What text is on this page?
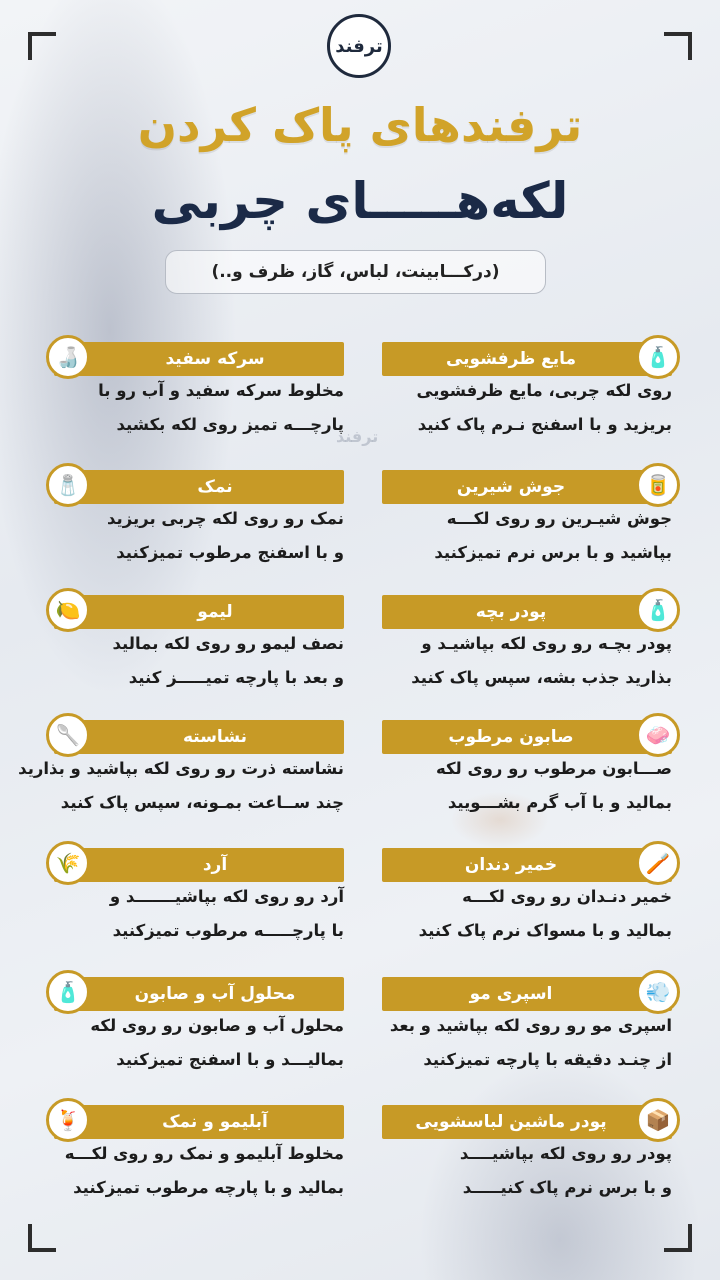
ترفند
ترفندهای پاک کردن
لکه‌هـــــای چربی
(درکـــابینت، لباس، گاز، ظرف و..)
ترفند
مایع ظرفشویی	🧴
روی لکه چربی، مایع ظرفشویی
بریزید و با اسفنج نـرم پاک کنید
سرکه سفید
🍶
مخلوط سرکه سفید و آب رو با
پارچـــه تمیز روی لکه بکشید
جوش شیرین	🥫
جوش شیـرین رو روی لکـــه
بپاشید و با برس نرم تمیزکنید
نمک
🧂
نمک رو روی لکه چربی بریزید
و با اسفنج مرطوب تمیزکنید
پودر بچه	🧴
پودر بچـه رو روی لکه بپاشیـد و
بذارید جذب بشه، سپس پاک کنید
لیمو
🍋
نصف لیمو رو روی لکه بمالید
و بعد با پارچه تمیـــــز کنید
صابون مرطوب	🧼
صـــابون مرطوب رو روی لکه
بمالید و با آب گرم بشـــویید
نشاسته
🥄
نشاسته ذرت رو روی لکه بپاشید و بذارید
چند ســاعت بمـونه، سپس پاک کنید
خمیر دندان	🪥
خمیر دنـدان رو روی لکـــه
بمالید و با مسواک نرم پاک کنید
آرد
🌾
آرد رو روی لکه بپاشیـــــــد و
با پارچـــــه مرطوب تمیزکنید
اسپری مو	💨
اسپری مو رو روی لکه بپاشید و بعد
از چنـد دقیقه با پارچه تمیزکنید
محلول آب و صابون
🧴
محلول آب و صابون رو روی لکه
بمالیـــد و با اسفنج تمیزکنید
پودر ماشین لباسشویی	📦
پودر رو روی لکه بپاشیــــد
و با برس نرم پاک کنیـــــد
آبلیمو و نمک
🍹
مخلوط آبلیمو و نمک رو روی لکـــه
بمالید و با پارچه مرطوب تمیزکنید
